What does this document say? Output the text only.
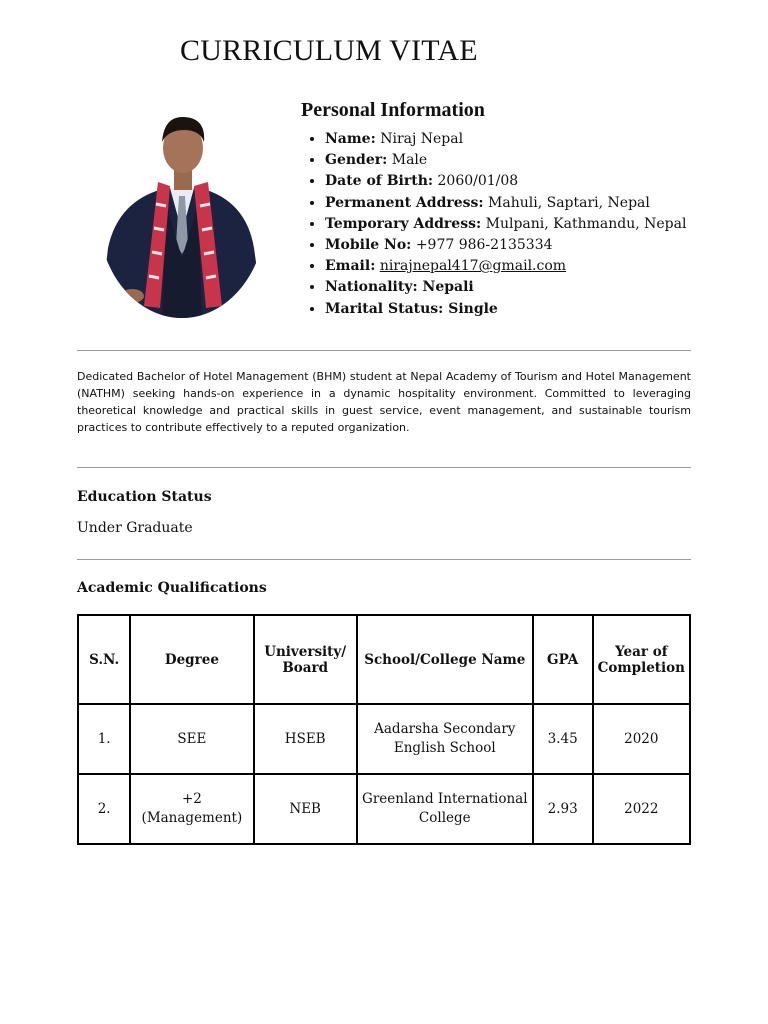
CURRICULUM VITAE
Personal Information
• Name: Niraj Nepal
• Gender: Male
• Date of Birth: 2060/01/08
• Permanent Address: Mahuli, Saptari, Nepal
• Temporary Address: Mulpani, Kathmandu, Nepal
• Mobile No: +977 986-2135334
• Email: nirajnepal417@gmail.com
• Nationality: Nepali
• Marital Status: Single

Dedicated Bachelor of Hotel Management (BHM) student at Nepal Academy of Tourism and Hotel Management (NATHM) seeking hands-on experience in a dynamic hospitality environment. Committed to leveraging theoretical knowledge and practical skills in guest service, event management, and sustainable tourism practices to contribute effectively to a reputed organization.

Education Status

Under Graduate

Academic Qualifications
S.N.	Degree	University/ Board	School/College Name	GPA	Year of Completion
1.	SEE	HSEB	Aadarsha Secondary English School	3.45	2020
2.	+2 (Management)	NEB	Greenland International College	2.93	2022
